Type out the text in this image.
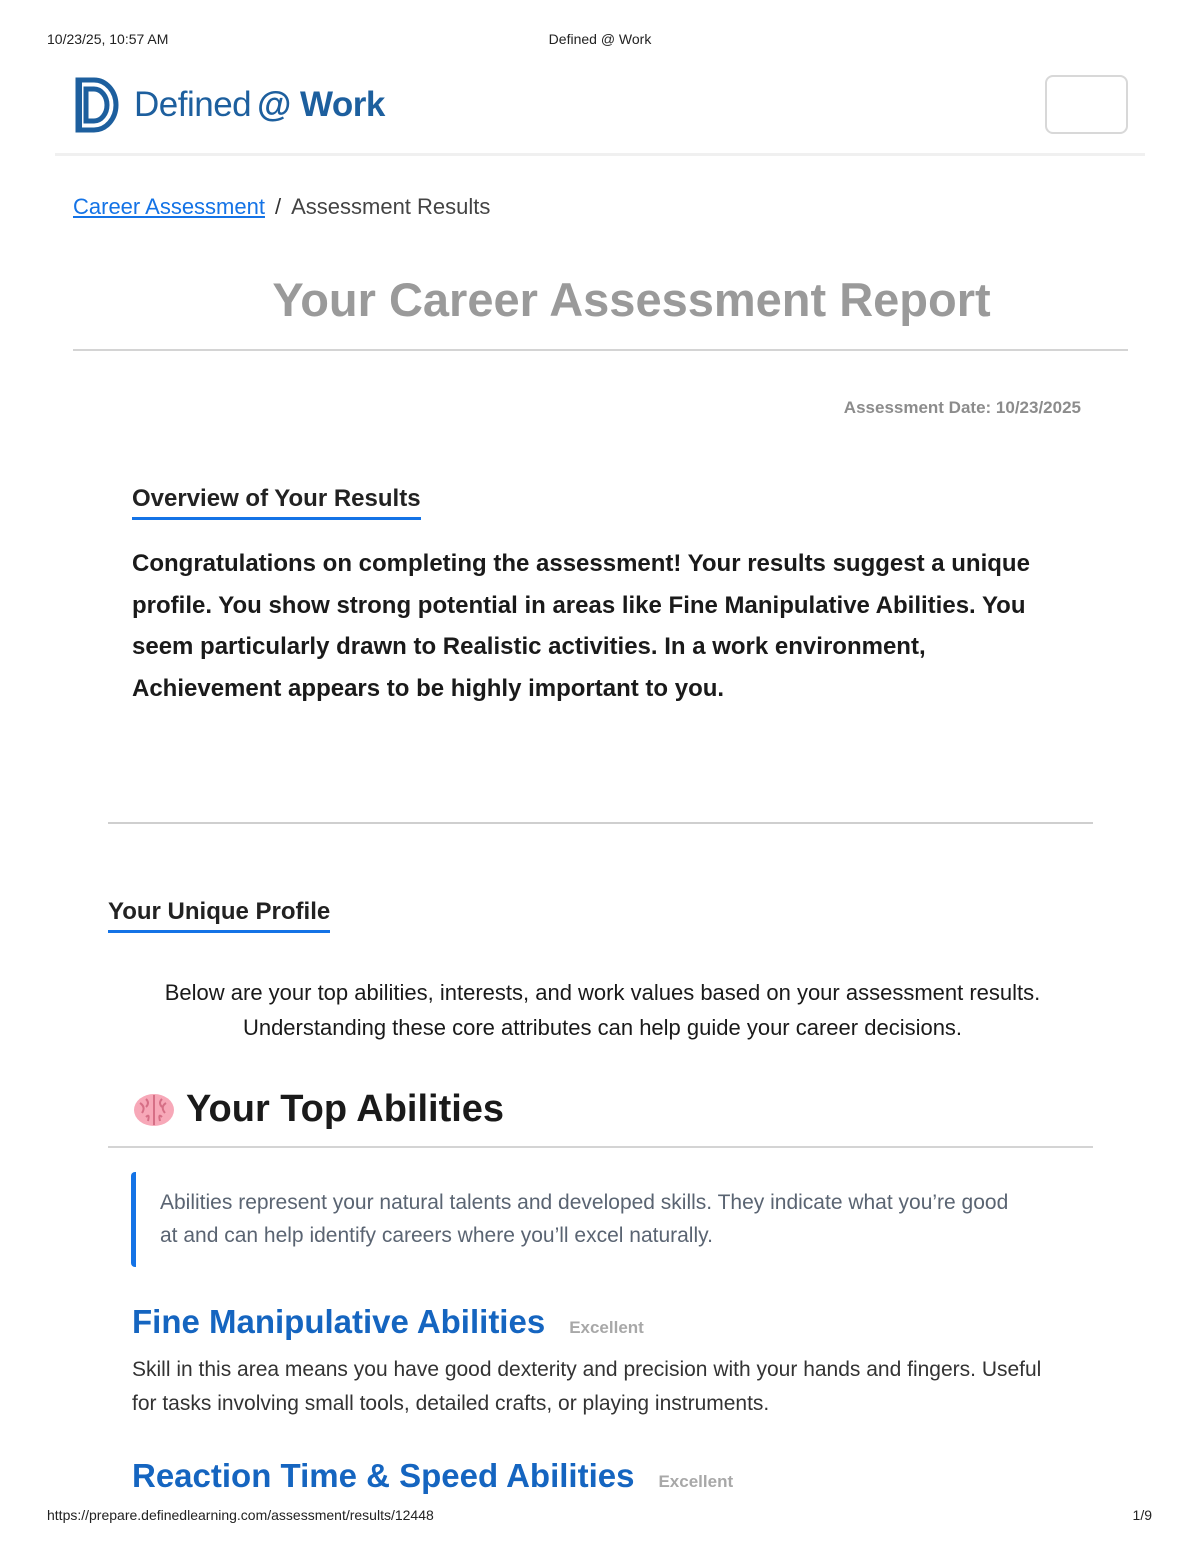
10/23/25, 10:57 AM	Defined @ Work
Defined @ Work
Career Assessment / Assessment Results
Your Career Assessment Report
Assessment Date: 10/23/2025
Overview of Your Results

Congratulations on completing the assessment! Your results suggest a unique profile. You show strong potential in areas like Fine Manipulative Abilities. You seem particularly drawn to Realistic activities. In a work environment, Achievement appears to be highly important to you.

Your Unique Profile

Below are your top abilities, interests, and work values based on your assessment results. Understanding these core attributes can help guide your career decisions.

Your Top Abilities
Abilities represent your natural talents and developed skills. They indicate what you’re good at and can help identify careers where you’ll excel naturally.
Fine Manipulative Abilities Excellent

Skill in this area means you have good dexterity and precision with your hands and fingers. Useful for tasks involving small tools, detailed crafts, or playing instruments.

Reaction Time & Speed Abilities Excellent
https://prepare.definedlearning.com/assessment/results/12448	1/9
